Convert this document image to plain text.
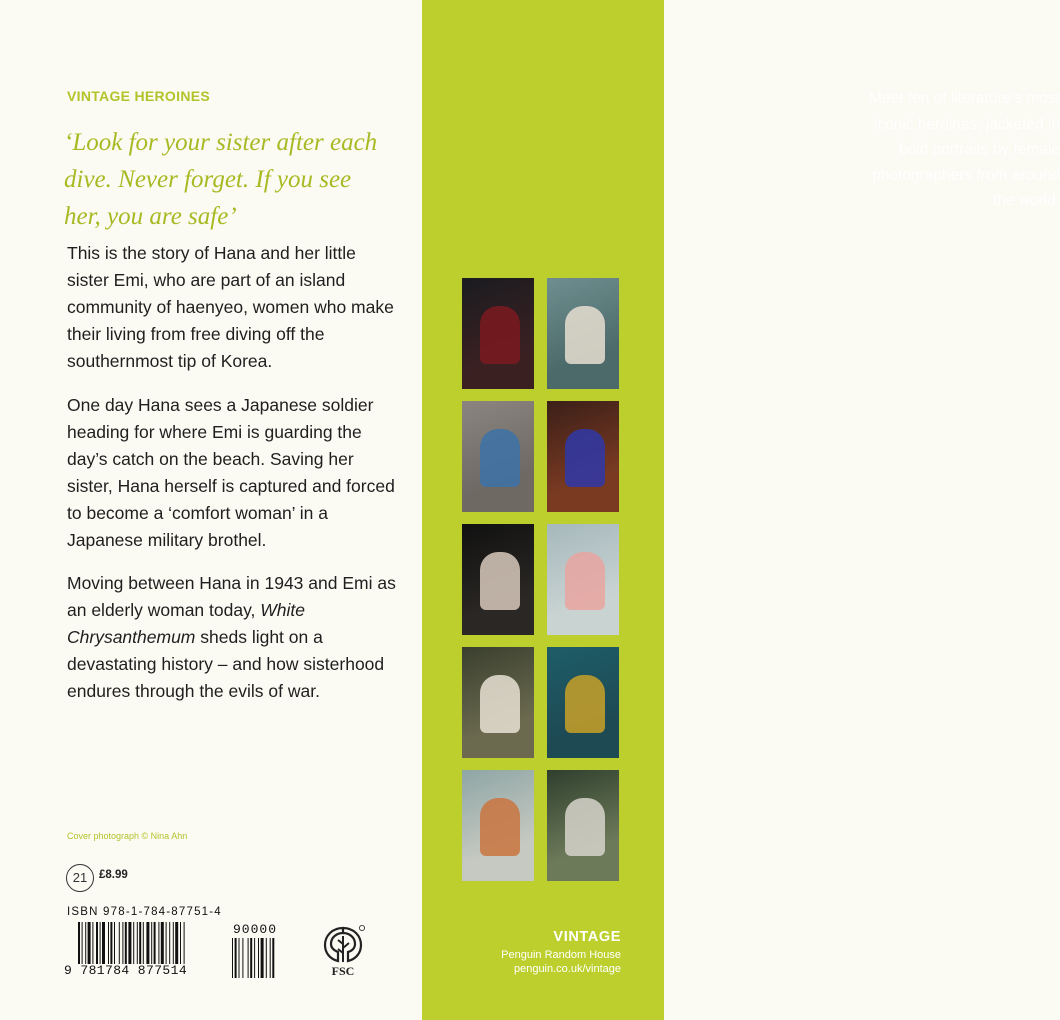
VINTAGE HEROINES

‘Look for your sister after each dive. Never forget. If you see her, you are safe’

This is the story of Hana and her little sister Emi, who are part of an island community of haenyeo, women who make their living from free diving off the southernmost tip of Korea.

One day Hana sees a Japanese soldier heading for where Emi is guarding the day’s catch on the beach. Saving her sister, Hana herself is captured and forced to become a ‘comfort woman’ in a Japanese military brothel.

Moving between Hana in 1943 and Emi as an elderly woman today, White Chrysanthemum sheds light on a devastating history – and how sisterhood endures through the evils of war.

Cover photograph © Nina Ahn
21	£8.99
ISBN 978-1-784-87751-4
9 781784 877514
90000
FSC

Meet ten of literature’s most iconic heroines, jacketed in bold portraits by female photographers from around the world.

VINTAGE
Penguin Random House
penguin.co.uk/vintage
